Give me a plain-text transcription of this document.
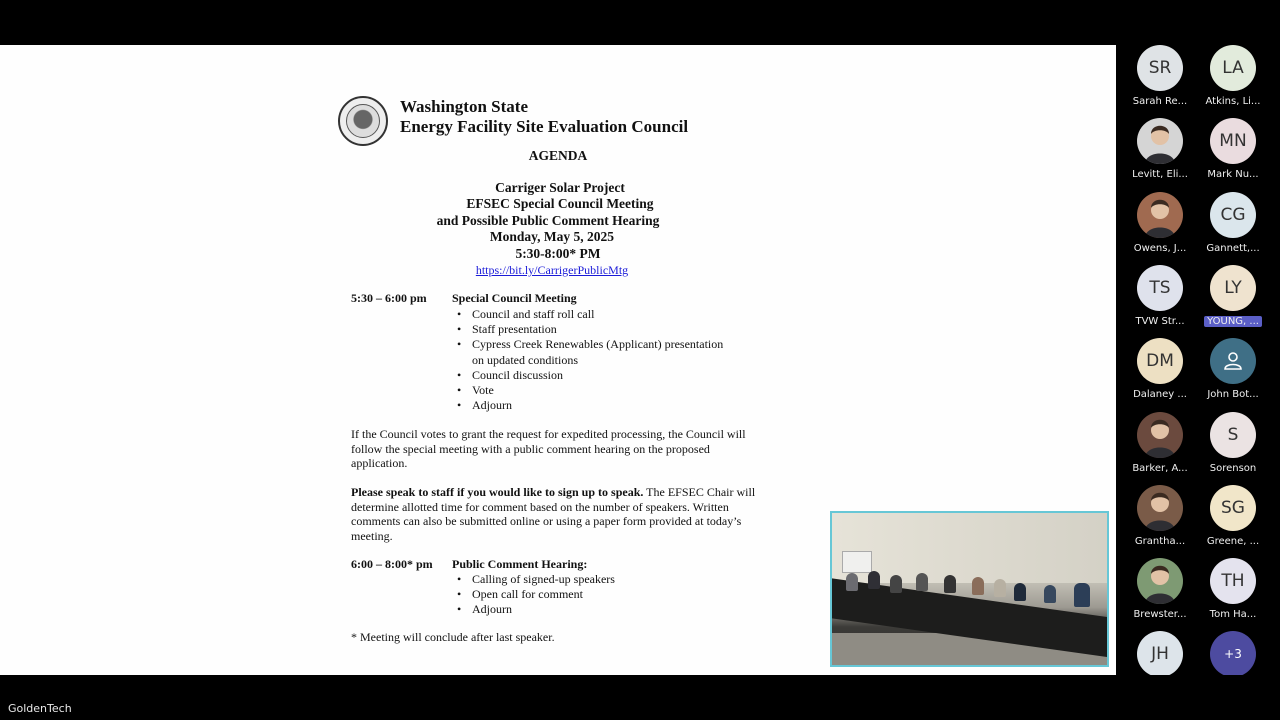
Washington State
Energy Facility Site Evaluation Council
AGENDA
Carriger Solar Project
EFSEC Special Council Meeting
and Possible Public Comment Hearing
Monday, May 5, 2025
5:30-8:00* PM
https://bit.ly/CarrigerPublicMtg
5:30 – 6:00 pm Special Council Meeting
• Council and staff roll call
• Staff presentation
• Cypress Creek Renewables (Applicant) presentation
on updated conditions
• Council discussion
• Vote
• Adjourn
If the Council votes to grant the request for expedited processing, the Council will follow the special meeting with a public comment hearing on the proposed application.
Please speak to staff if you would like to sign up to speak. The EFSEC Chair will determine allotted time for comment based on the number of speakers. Written comments can also be submitted online or using a paper form provided at today’s meeting.
6:00 – 8:00* pm Public Comment Hearing:
• Calling of signed-up speakers
• Open call for comment
• Adjourn
* Meeting will conclude after last speaker.
SR
Sarah Re...
LA
Atkins, Li...
Levitt, Eli...
MN
Mark Nu...
Owens, J...
CG
Gannett,...
TS
TVW Str...
LY
YOUNG, ...
DM
Dalaney ...	John Bot...
Barker, A...
S
Sorenson
Grantha...
SG
Greene, ...
Brewster...
TH
Tom Ha...
JH	+3
GoldenTech
